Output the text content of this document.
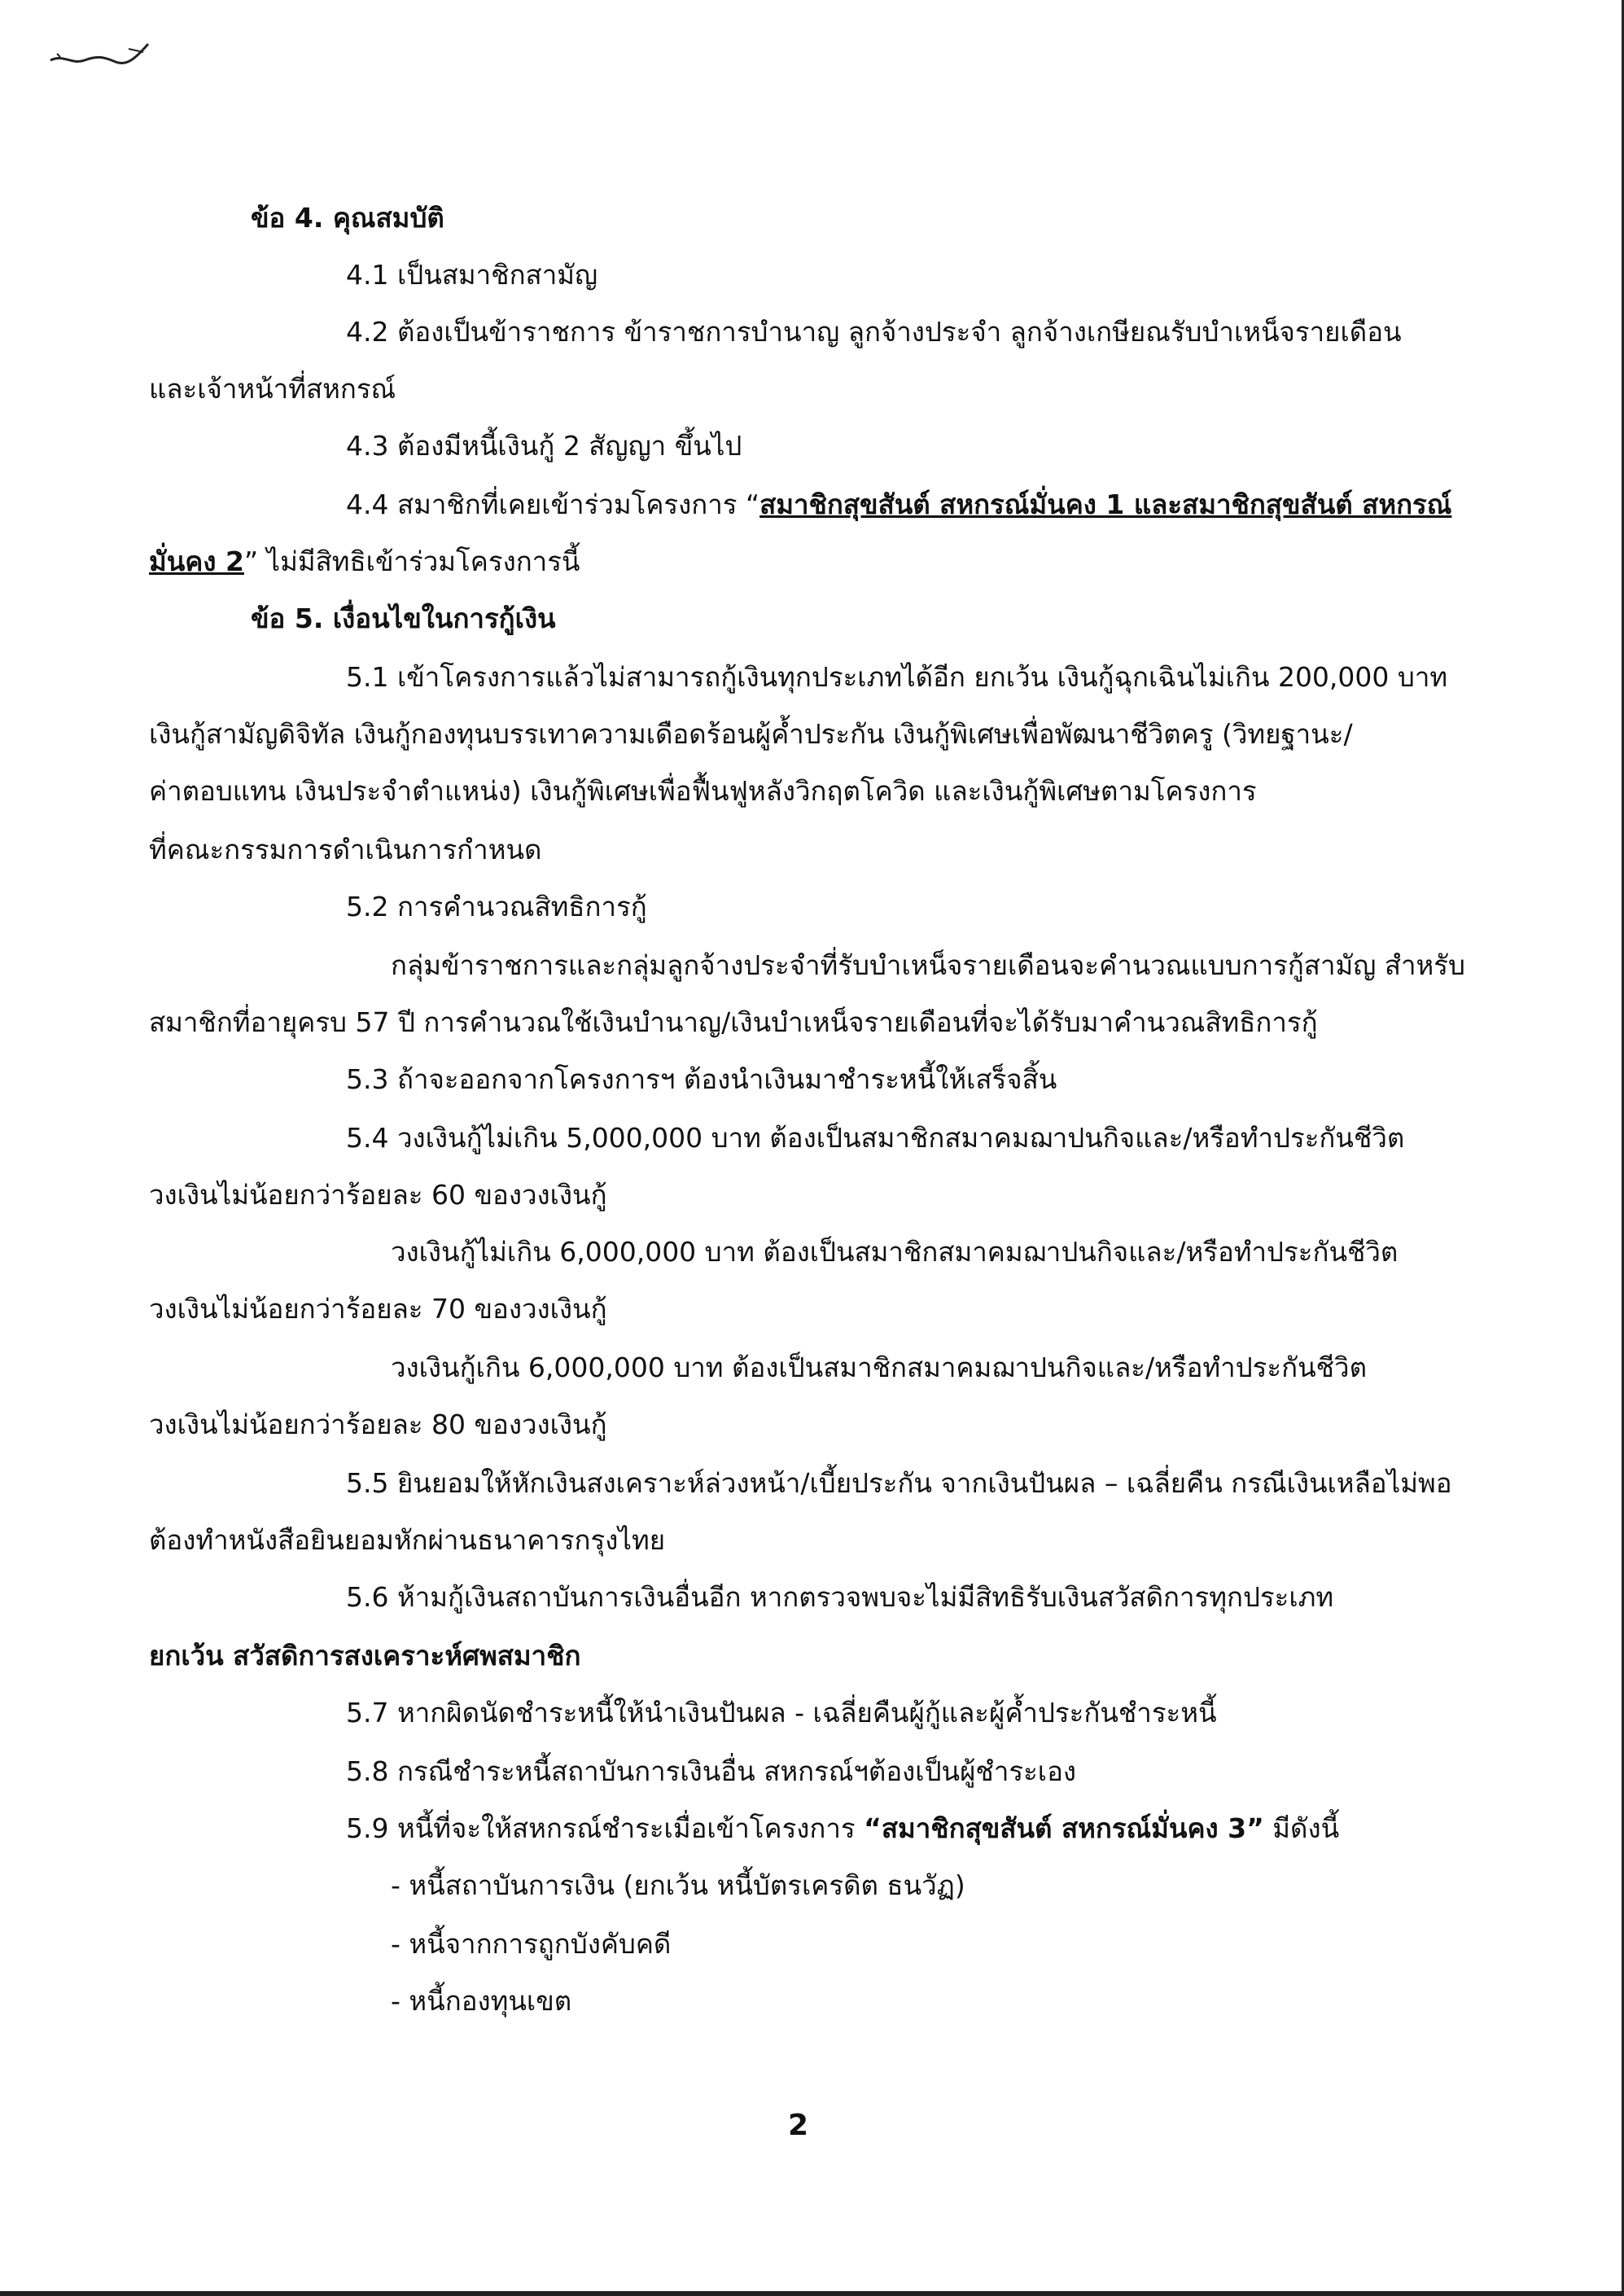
ข้อ 4. คุณสมบัติ
4.1 เป็นสมาชิกสามัญ
4.2 ต้องเป็นข้าราชการ ข้าราชการบำนาญ ลูกจ้างประจำ ลูกจ้างเกษียณรับบำเหน็จรายเดือน
และเจ้าหน้าที่สหกรณ์
4.3 ต้องมีหนี้เงินกู้ 2 สัญญา ขึ้นไป
4.4 สมาชิกที่เคยเข้าร่วมโครงการ “สมาชิกสุขสันต์ สหกรณ์มั่นคง 1 และสมาชิกสุขสันต์ สหกรณ์
มั่นคง 2” ไม่มีสิทธิเข้าร่วมโครงการนี้
ข้อ 5. เงื่อนไขในการกู้เงิน
5.1 เข้าโครงการแล้วไม่สามารถกู้เงินทุกประเภทได้อีก ยกเว้น เงินกู้ฉุกเฉินไม่เกิน 200,000 บาท
เงินกู้สามัญดิจิทัล เงินกู้กองทุนบรรเทาความเดือดร้อนผู้ค้ำประกัน เงินกู้พิเศษเพื่อพัฒนาชีวิตครู (วิทยฐานะ/
ค่าตอบแทน เงินประจำตำแหน่ง) เงินกู้พิเศษเพื่อฟื้นฟูหลังวิกฤตโควิด และเงินกู้พิเศษตามโครงการ
ที่คณะกรรมการดำเนินการกำหนด
5.2 การคำนวณสิทธิการกู้
กลุ่มข้าราชการและกลุ่มลูกจ้างประจำที่รับบำเหน็จรายเดือนจะคำนวณแบบการกู้สามัญ สำหรับ
สมาชิกที่อายุครบ 57 ปี การคำนวณใช้เงินบำนาญ/เงินบำเหน็จรายเดือนที่จะได้รับมาคำนวณสิทธิการกู้
5.3 ถ้าจะออกจากโครงการฯ ต้องนำเงินมาชำระหนี้ให้เสร็จสิ้น
5.4 วงเงินกู้ไม่เกิน 5,000,000 บาท ต้องเป็นสมาชิกสมาคมฌาปนกิจและ/หรือทำประกันชีวิต
วงเงินไม่น้อยกว่าร้อยละ 60 ของวงเงินกู้
วงเงินกู้ไม่เกิน 6,000,000 บาท ต้องเป็นสมาชิกสมาคมฌาปนกิจและ/หรือทำประกันชีวิต
วงเงินไม่น้อยกว่าร้อยละ 70 ของวงเงินกู้
วงเงินกู้เกิน 6,000,000 บาท ต้องเป็นสมาชิกสมาคมฌาปนกิจและ/หรือทำประกันชีวิต
วงเงินไม่น้อยกว่าร้อยละ 80 ของวงเงินกู้
5.5 ยินยอมให้หักเงินสงเคราะห์ล่วงหน้า/เบี้ยประกัน จากเงินปันผล – เฉลี่ยคืน กรณีเงินเหลือไม่พอ
ต้องทำหนังสือยินยอมหักผ่านธนาคารกรุงไทย
5.6 ห้ามกู้เงินสถาบันการเงินอื่นอีก หากตรวจพบจะไม่มีสิทธิรับเงินสวัสดิการทุกประเภท
ยกเว้น สวัสดิการสงเคราะห์ศพสมาชิก
5.7 หากผิดนัดชำระหนี้ให้นำเงินปันผล - เฉลี่ยคืนผู้กู้และผู้ค้ำประกันชำระหนี้
5.8 กรณีชำระหนี้สถาบันการเงินอื่น สหกรณ์ฯต้องเป็นผู้ชำระเอง
5.9 หนี้ที่จะให้สหกรณ์ชำระเมื่อเข้าโครงการ “สมาชิกสุขสันต์ สหกรณ์มั่นคง 3” มีดังนี้
- หนี้สถาบันการเงิน (ยกเว้น หนี้บัตรเครดิต ธนวัฏ)
- หนี้จากการถูกบังคับคดี
- หนี้กองทุนเขต
2
